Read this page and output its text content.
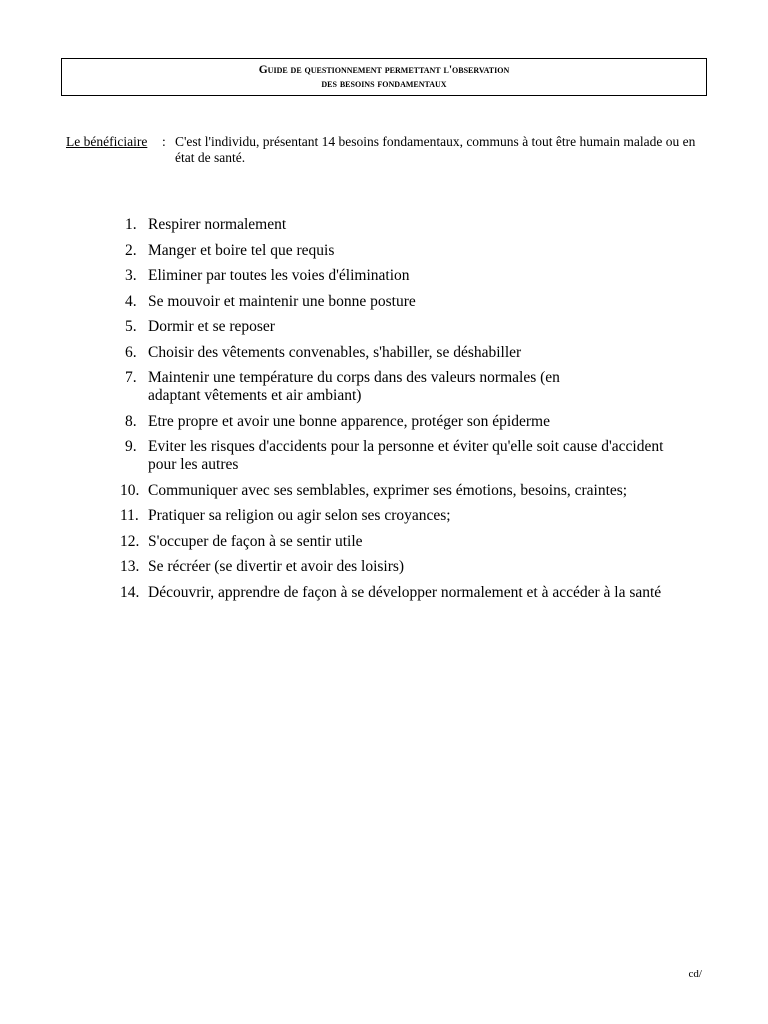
Guide de questionnement permettant l'observation
des besoins fondamentaux
Le bénéficiaire : C'est l'individu, présentant 14 besoins fondamentaux, communs à tout être humain malade ou en état de santé.
1. Respirer normalement
2. Manger et boire tel que requis
3. Eliminer par toutes les voies d'élimination
4. Se mouvoir et maintenir une bonne posture
5. Dormir et se reposer
6. Choisir des vêtements convenables, s'habiller, se déshabiller
7. Maintenir une température du corps dans des valeurs normales (en adaptant vêtements et air ambiant)
8. Etre propre et avoir une bonne apparence, protéger son épiderme
9. Eviter les risques d'accidents pour la personne et éviter qu'elle soit cause d'accident pour les autres
10. Communiquer avec ses semblables, exprimer ses émotions, besoins, craintes;
11. Pratiquer sa religion ou agir selon ses croyances;
12. S'occuper de façon à se sentir utile
13. Se récréer (se divertir et avoir des loisirs)
14. Découvrir, apprendre de façon à se développer normalement et à accéder à la santé
cd/
